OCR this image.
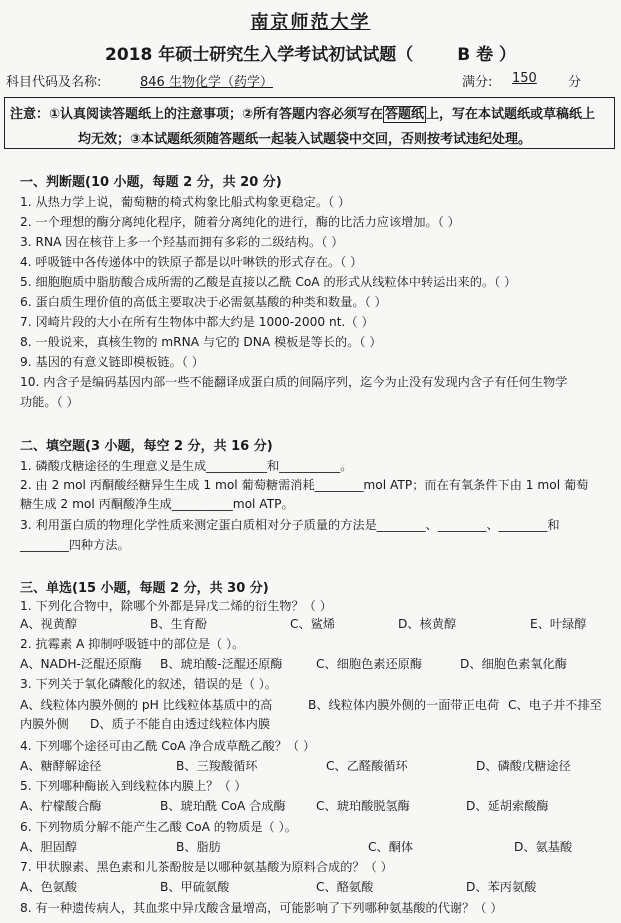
南京师范大学
2018 年硕士研究生入学考试初试试题（	B 卷 ）
科目代码及名称:	846 生物化学（药学）	满分: 150 分
注意：①认真阅读答题纸上的注意事项；②所有答题内容必须写在 答题纸 上，写在本试题纸或草稿纸上
均无效；③本试题纸须随答题纸一起装入试题袋中交回，否则按考试违纪处理。
一、判断题(10 小题，每题 2 分，共 20 分)
1. 从热力学上说，葡萄糖的椅式构象比船式构象更稳定。（ ）
2. 一个理想的酶分离纯化程序，随着分离纯化的进行，酶的比活力应该增加。（ ）
3. RNA 因在核苷上多一个羟基而拥有多彩的二级结构。（ ）
4. 呼吸链中各传递体中的铁原子都是以叶啉铁的形式存在。（ ）
5. 细胞胞质中脂肪酸合成所需的乙酸是直接以乙酰 CoA 的形式从线粒体中转运出来的。（ ）
6. 蛋白质生理价值的高低主要取决于必需氨基酸的种类和数量。（ ）
7. 冈崎片段的大小在所有生物体中都大约是 1000-2000 nt.（ ）
8. 一般说来，真核生物的 mRNA 与它的 DNA 模板是等长的。（ ）
9. 基因的有意义链即模板链。（ ）
10. 内含子是编码基因内部一些不能翻译成蛋白质的间隔序列，迄今为止没有发现内含子有任何生物学
功能。（ ）
二、填空题(3 小题，每空 2 分，共 16 分)
1. 磷酸戊糖途径的生理意义是生成__________和__________。
2. 由 2 mol 丙酮酸经糖异生生成 1 mol 葡萄糖需消耗________mol ATP；而在有氧条件下由 1 mol 葡萄
糖生成 2 mol 丙酮酸净生成__________mol ATP。
3. 利用蛋白质的物理化学性质来测定蛋白质相对分子质量的方法是________、________、________和
________四种方法。
三、单选(15 小题，每题 2 分，共 30 分)
1. 下列化合物中，除哪个外都是异戊二烯的衍生物？（ ）
A、视黄醇	B、生育酚	C、鲨烯	D、核黄醇	E、叶绿醇
2. 抗霉素 A 抑制呼吸链中的部位是（ ）。
A、NADH-泛醌还原酶 B、琥珀酸-泛醌还原酶	C、细胞色素还原酶	D、细胞色素氧化酶
3. 下列关于氧化磷酸化的叙述，错误的是（ ）。
A、线粒体内膜外侧的 pH 比线粒体基质中的高	B、线粒体内膜外侧的一面带正电荷 C、电子并不排至
内膜外侧 D、质子不能自由透过线粒体内膜
4. 下列哪个途径可由乙酰 CoA 净合成草酰乙酸？（ ）
A、糖酵解途径	B、三羧酸循环	C、乙醛酸循环	D、磷酸戊糖途径
5. 下列哪种酶嵌入到线粒体内膜上？（ ）
A、柠檬酸合酶	B、琥珀酰 CoA 合成酶 C、琥珀酸脱氢酶	D、延胡索酸酶
6. 下列物质分解不能产生乙酸 CoA 的物质是（ ）。
A、胆固醇	B、脂肪	C、酮体	D、氨基酸
7. 甲状腺素、黑色素和儿茶酚胺是以哪种氨基酸为原料合成的？（ ）
A、色氨酸	B、甲硫氨酸	C、酪氨酸	D、苯丙氨酸
8. 有一种遗传病人，其血浆中异戊酸含量增高，可能影响了下列哪种氨基酸的代谢？（ ）
